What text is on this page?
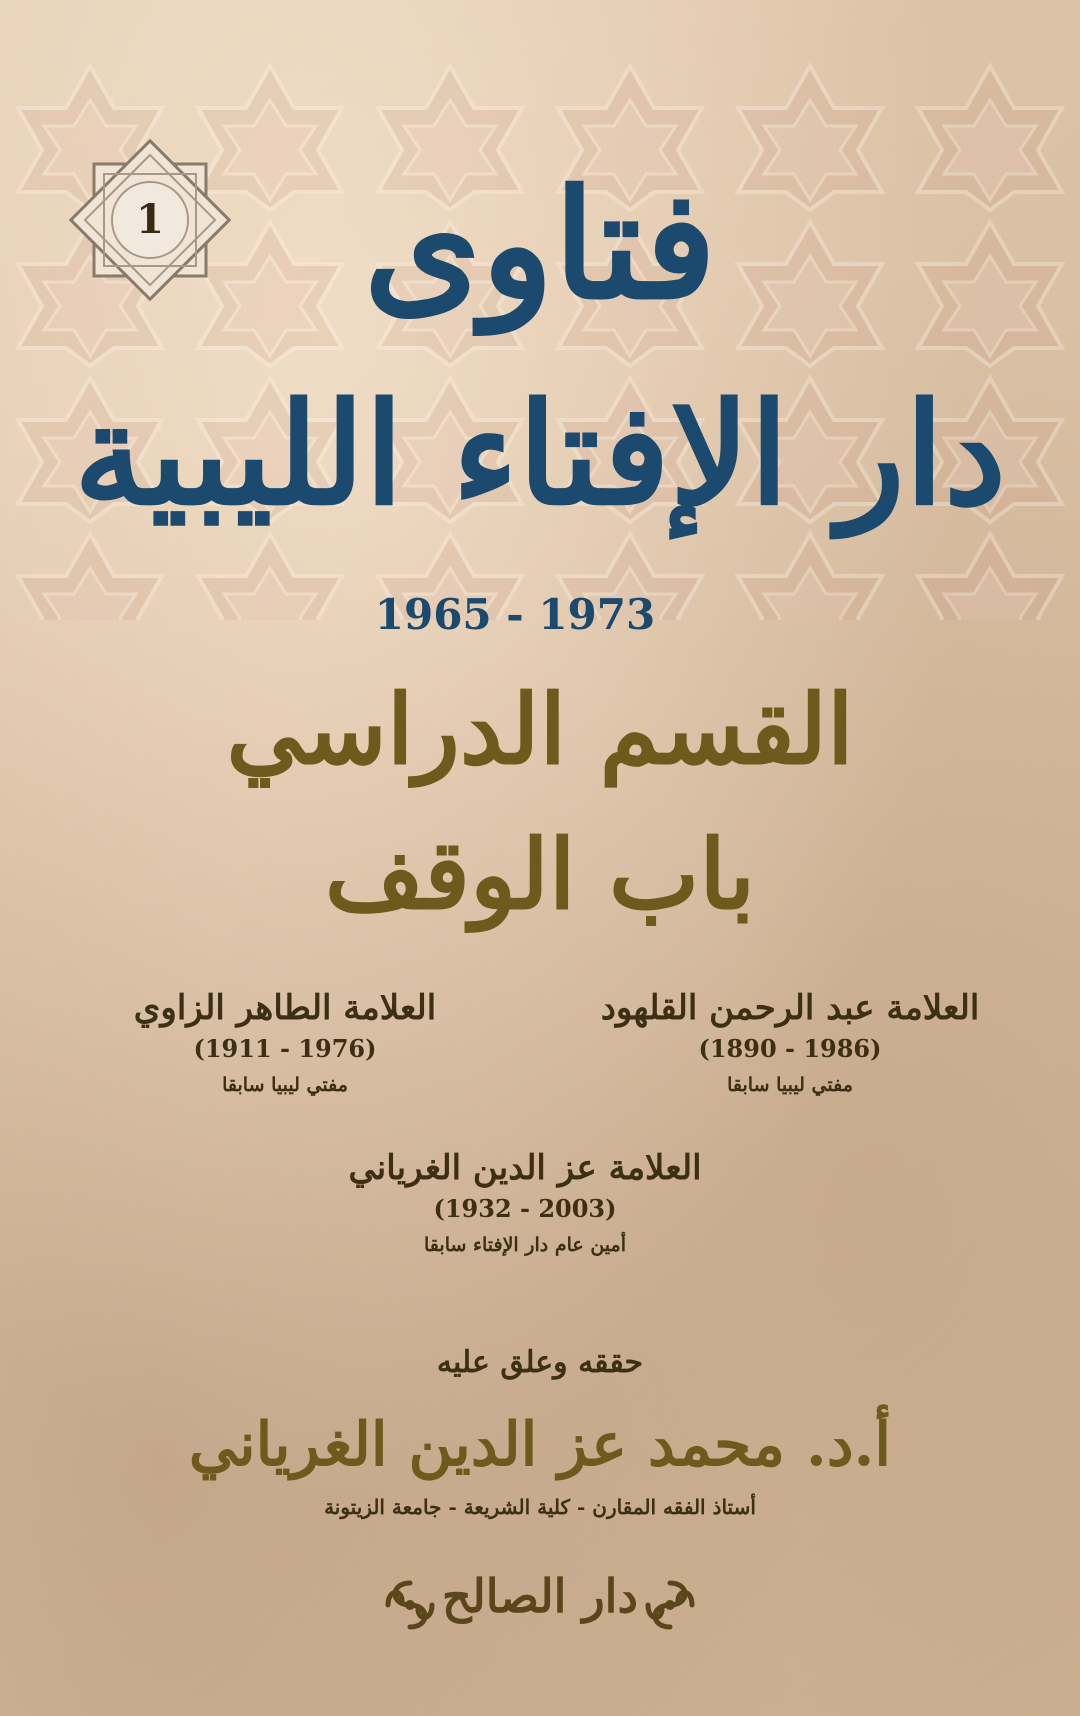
1	فتاوى
دار الإفتاء الليبية
1965 - 1973
القسم الدراسي
باب الوقف
العلامة عبد الرحمن القلهود
(1890 - 1986)
مفتي ليبيا سابقا
العلامة الطاهر الزاوي
(1911 - 1976)
مفتي ليبيا سابقا
العلامة عز الدين الغرياني
(1932 - 2003)
أمين عام دار الإفتاء سابقا
حققه وعلق عليه
أ.د. محمد عز الدين الغرياني
أستاذ الفقه المقارن - كلية الشريعة - جامعة الزيتونة
دار الصالح
